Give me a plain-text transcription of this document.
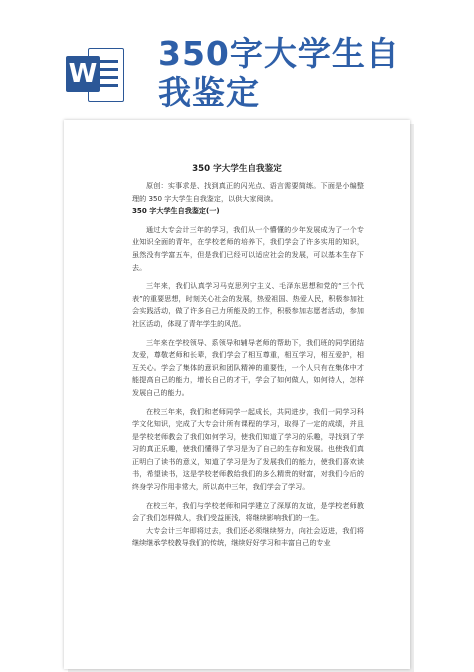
W
350字大学生自
我鉴定
350 字大学生自我鉴定

原创：实事求是、找到真正的闪光点、语言需要简练。下面是小编整理的 350 字大学生自我鉴定，以供大家阅读。

350 字大学生自我鉴定(一)

通过大专会计三年的学习，我们从一个懵懂的少年发展成为了一个专业知识全面的青年，在学校老师的培养下，我们学会了许多实用的知识，虽然没有学富五车，但是我们已经可以适应社会的发展，可以基本生存下去。

三年来，我们认真学习马克思列宁主义、毛泽东思想和党的“三个代表”的重要思想，时刻关心社会的发展，热爱祖国、热爱人民，积极参加社会实践活动，做了许多自己力所能及的工作，积极参加志愿者活动，参加社区活动，体现了青年学生的风范。

三年来在学校领导、系领导和辅导老师的帮助下，我们班的同学团结友爱，尊敬老师和长辈，我们学会了相互尊重，相互学习，相互爱护，相互关心。学会了集体的意识和团队精神的重要性，一个人只有在集体中才能提高自己的能力，增长自己的才干，学会了如何做人，如何待人，怎样发展自己的能力。

在校三年来，我们和老师同学一起成长，共同进步，我们一同学习科学文化知识，完成了大专会计所有课程的学习，取得了一定的成绩，并且是学校老师教会了我们如何学习，使我们知道了学习的乐趣，寻找到了学习的真正乐趣，使我们懂得了学习是为了自己的生存和发展。也使我们真正明白了读书的意义，知道了学习是为了发展我们的能力，使我们喜欢读书，希望读书，这是学校老师教给我们的多么精贵的财富，对我们今后的终身学习作用非常大，所以高中三年，我们学会了学习。

在校三年，我们与学校老师和同学建立了深厚的友谊，是学校老师教会了我们怎样做人，我们受益匪浅，将继续影响我们的一生。

大专会计三年即将过去，我们还必须继续努力，向社会迈进，我们将继续继承学校教导我们的传统，继续好好学习和丰富自己的专业
